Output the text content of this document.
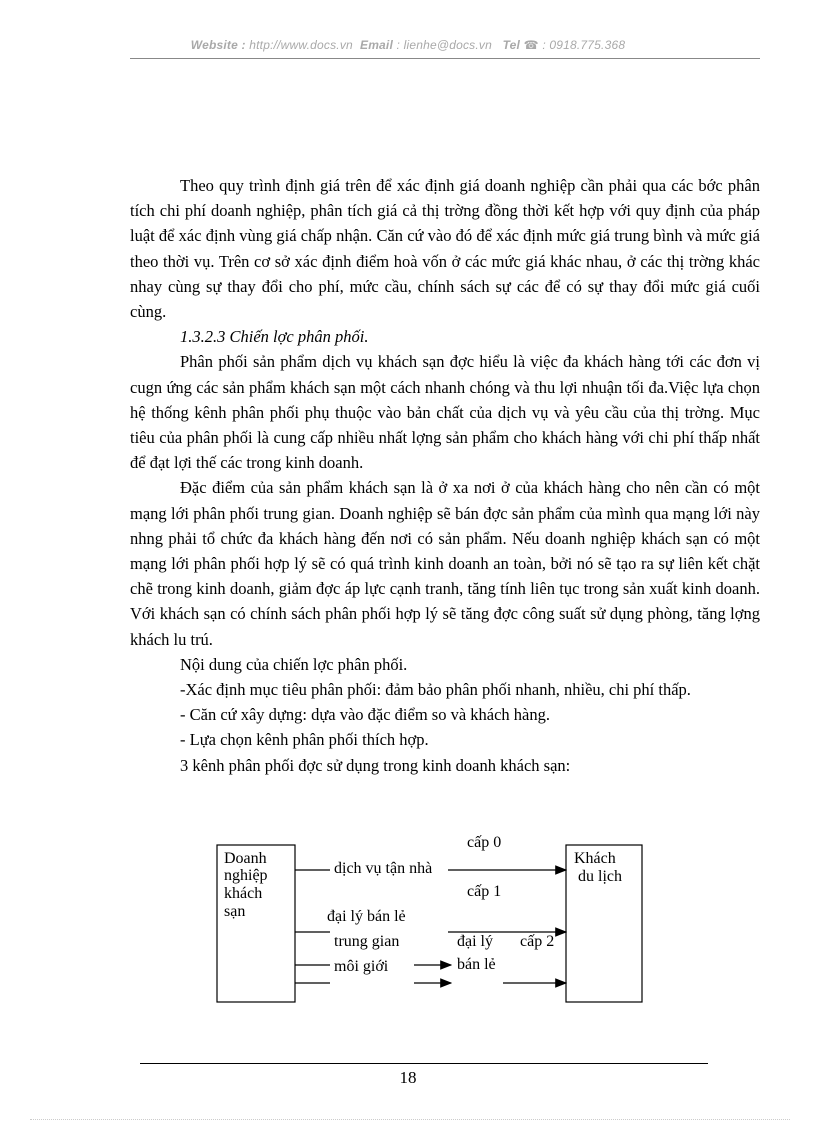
Website : http://www.docs.vn Email : lienhe@docs.vn Tel ☎ : 0918.775.368

Theo quy trình định giá trên để xác định giá doanh nghiệp cần phải qua các bớc phân tích chi phí doanh nghiệp, phân tích giá cả thị trờng đồng thời kết hợp với quy định của pháp luật để xác định vùng giá chấp nhận. Căn cứ vào đó để xác định mức giá trung bình và mức giá theo thời vụ. Trên cơ sở xác định điểm hoà vốn ở các mức giá khác nhau, ở các thị trờng khác nhay cùng sự thay đổi cho phí, mức cầu, chính sách sự các để có sự thay đổi mức giá cuối cùng.

1.3.2.3 Chiến lợc phân phối.

Phân phối sản phẩm dịch vụ khách sạn đợc hiểu là việc đa khách hàng tới các đơn vị cugn ứng các sản phẩm khách sạn một cách nhanh chóng và thu lợi nhuận tối đa.Việc lựa chọn hệ thống kênh phân phối phụ thuộc vào bản chất của dịch vụ và yêu cầu của thị trờng. Mục tiêu của phân phối là cung cấp nhiều nhất lợng sản phẩm cho khách hàng với chi phí thấp nhất để đạt lợi thế các trong kinh doanh.

Đặc điểm của sản phẩm khách sạn là ở xa nơi ở của khách hàng cho nên cần có một mạng lới phân phối trung gian. Doanh nghiệp sẽ bán đợc sản phẩm của mình qua mạng lới này nhng phải tổ chức đa khách hàng đến nơi có sản phẩm. Nếu doanh nghiệp khách sạn có một mạng lới phân phối hợp lý sẽ có quá trình kinh doanh an toàn, bởi nó sẽ tạo ra sự liên kết chặt chẽ trong kinh doanh, giảm đợc áp lực cạnh tranh, tăng tính liên tục trong sản xuất kinh doanh. Với khách sạn có chính sách phân phối hợp lý sẽ tăng đợc công suất sử dụng phòng, tăng lợng khách lu trú.

Nội dung của chiến lợc phân phối.

-Xác định mục tiêu phân phối: đảm bảo phân phối nhanh, nhiều, chi phí thấp.

- Căn cứ xây dựng: dựa vào đặc điểm so và khách hàng.

- Lựa chọn kênh phân phối thích hợp.

3 kênh phân phối đợc sử dụng trong kinh doanh khách sạn:

Doanh
nghiệp
khách
sạn
Khách
du lịch
cấp 0
dịch vụ tận nhà
cấp 1
đại lý bán lẻ
trung gian
môi giới
đại lý
bán lẻ
cấp 2
18
